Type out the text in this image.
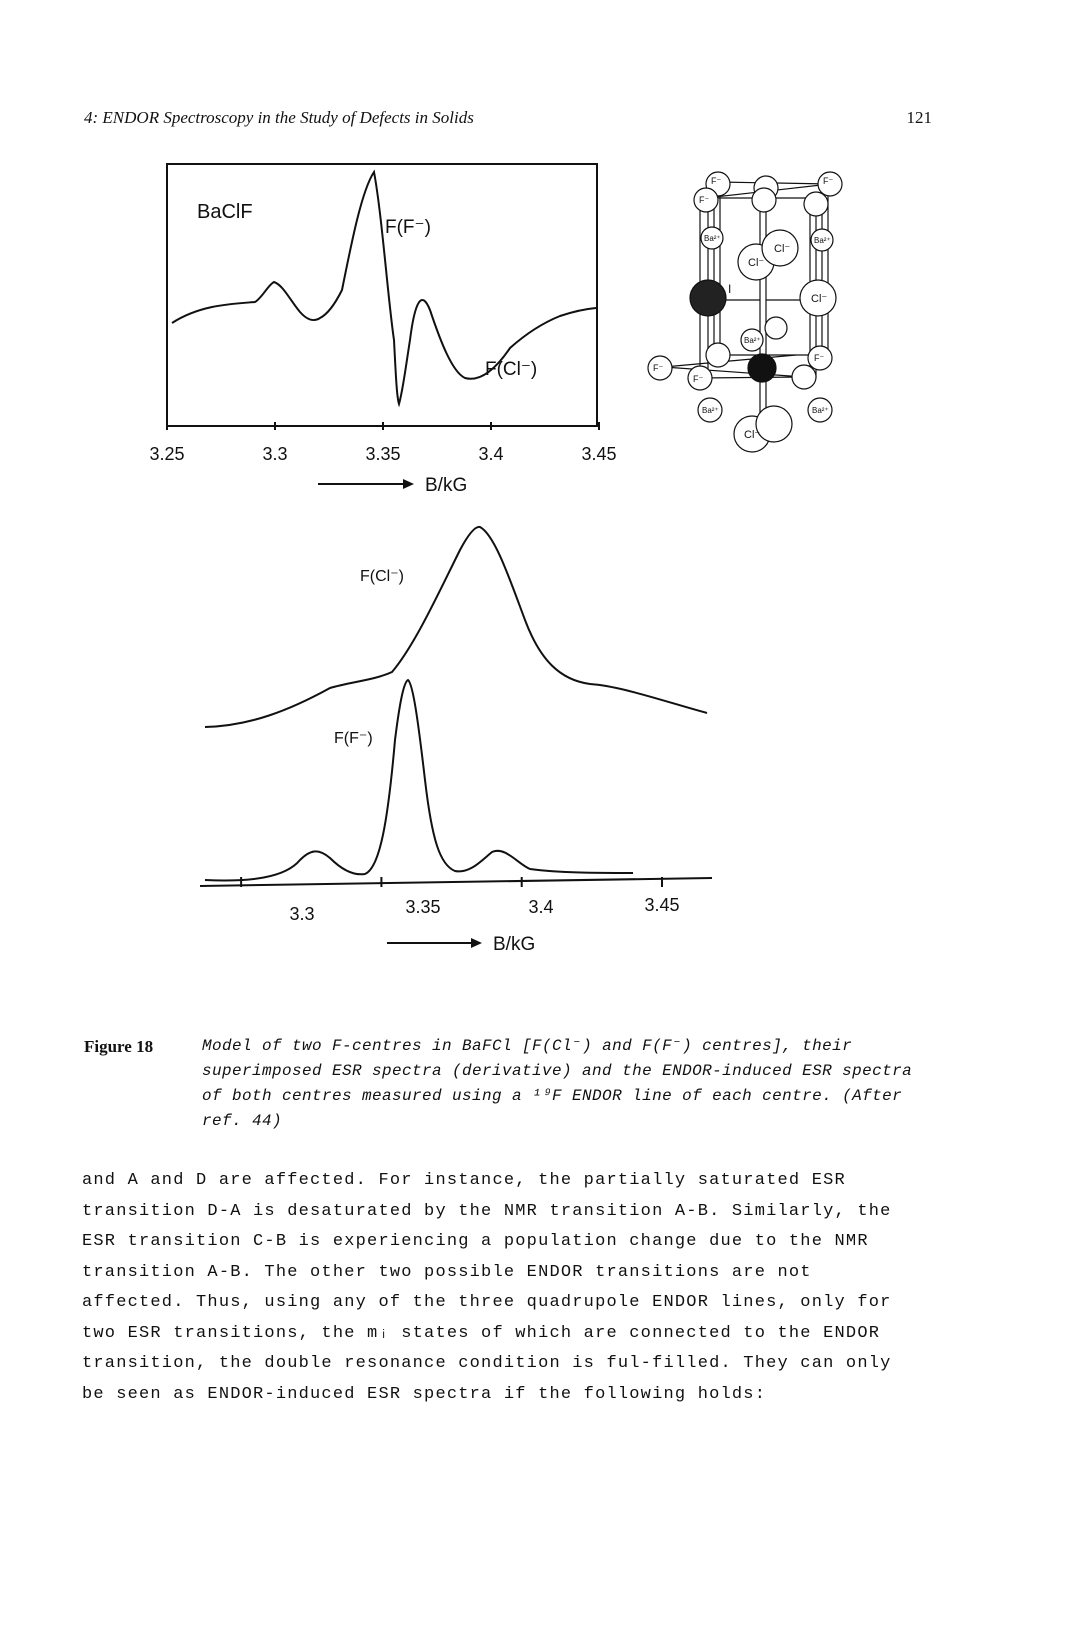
4: ENDOR Spectroscopy in the Study of Defects in Solids	121
BaClF
F(F⁻)
F(Cl⁻)
3.25	3.3	3.35	3.4	3.45
B/kG
F⁻	F⁻
F⁻
F⁻
F⁻
F⁻
Cl⁻
Cl⁻
Cl⁻
Cl⁻
Ba²⁺	Ba²⁺
Ba²⁺
Ba²⁺	Ba²⁺
I
F(Cl⁻)
F(F⁻)
3.3	3.35	3.4	3.45
B/kG
Figure 18	Model of two F-centres in BaFCl [F(Cl⁻) and F(F⁻) centres], their superimposed ESR spectra (derivative) and the ENDOR-induced ESR spectra of both centres measured using a ¹⁹F ENDOR line of each centre. (After ref. 44)
and A and D are affected. For instance, the partially saturated ESR transition D-A is desaturated by the NMR transition A-B. Similarly, the ESR transition C-B is experiencing a population change due to the NMR transition A-B. The other two possible ENDOR transitions are not affected. Thus, using any of the three quadrupole ENDOR lines, only for two ESR transitions, the mᵢ states of which are connected to the ENDOR transition, the double resonance condition is ful-filled. They can only be seen as ENDOR-induced ESR spectra if the following holds:
